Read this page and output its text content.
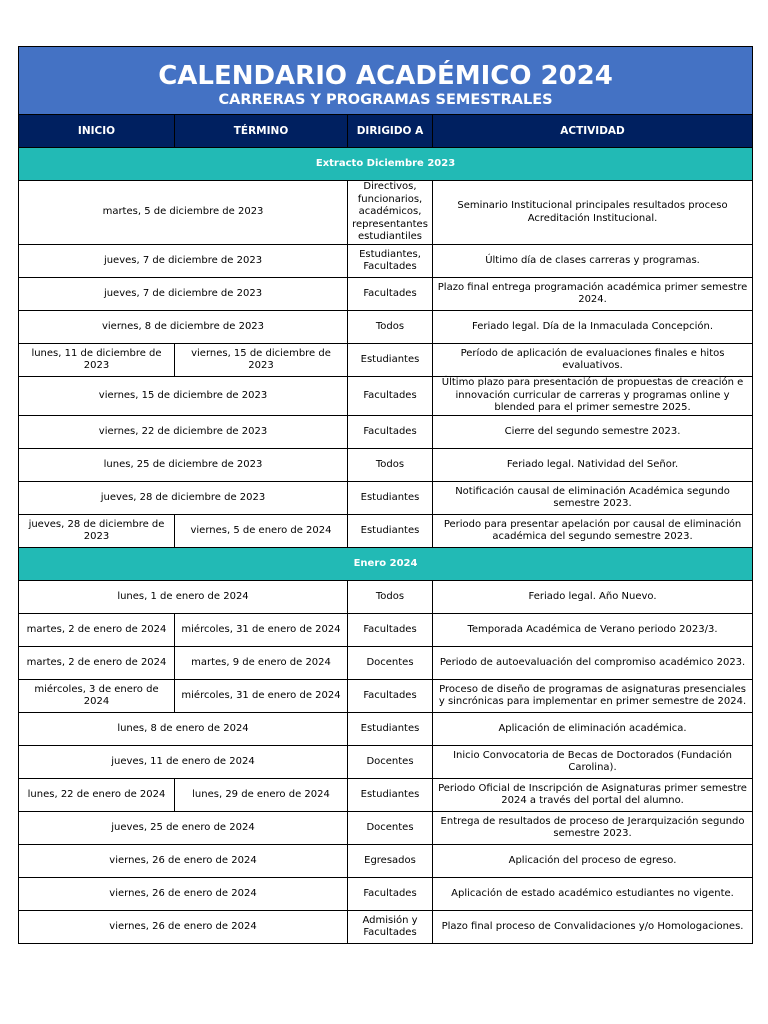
CALENDARIO ACADÉMICO 2024
CARRERAS Y PROGRAMAS SEMESTRALES			

INICIO	TÉRMINO	DIRIGIDO A	ACTIVIDAD
Extracto Diciembre 2023			
martes, 5 de diciembre de 2023		Directivos, funcionarios, académicos, representantes estudiantiles	Seminario Institucional principales resultados proceso Acreditación Institucional.
jueves, 7 de diciembre de 2023		Estudiantes, Facultades	Último día de clases carreras y programas.
jueves, 7 de diciembre de 2023		Facultades	Plazo final entrega programación académica primer semestre 2024.
viernes, 8 de diciembre de 2023		Todos	Feriado legal. Día de la Inmaculada Concepción.
lunes, 11 de diciembre de 2023	viernes, 15 de diciembre de 2023	Estudiantes	Período de aplicación de evaluaciones finales e hitos evaluativos.
viernes, 15 de diciembre de 2023		Facultades	Último plazo para presentación de propuestas de creación e innovación curricular de carreras y programas online y blended para el primer semestre 2025.
viernes, 22 de diciembre de 2023		Facultades	Cierre del segundo semestre 2023.
lunes, 25 de diciembre de 2023		Todos	Feriado legal. Natividad del Señor.
jueves, 28 de diciembre de 2023		Estudiantes	Notificación causal de eliminación Académica segundo semestre 2023.
jueves, 28 de diciembre de 2023	viernes, 5 de enero de 2024	Estudiantes	Periodo para presentar apelación por causal de eliminación académica del segundo semestre 2023.
Enero 2024			
lunes, 1 de enero de 2024		Todos	Feriado legal. Año Nuevo.
martes, 2 de enero de 2024	miércoles, 31 de enero de 2024	Facultades	Temporada Académica de Verano periodo 2023/3.
martes, 2 de enero de 2024	martes, 9 de enero de 2024	Docentes	Periodo de autoevaluación del compromiso académico 2023.
miércoles, 3 de enero de 2024	miércoles, 31 de enero de 2024	Facultades	Proceso de diseño de programas de asignaturas presenciales y sincrónicas para implementar en primer semestre de 2024.
lunes, 8 de enero de 2024		Estudiantes	Aplicación de eliminación académica.
jueves, 11 de enero de 2024		Docentes	Inicio Convocatoria de Becas de Doctorados (Fundación Carolina).
lunes, 22 de enero de 2024	lunes, 29 de enero de 2024	Estudiantes	Periodo Oficial de Inscripción de Asignaturas primer semestre 2024 a través del portal del alumno.
jueves, 25 de enero de 2024		Docentes	Entrega de resultados de proceso de Jerarquización segundo semestre 2023.
viernes, 26 de enero de 2024		Egresados	Aplicación del proceso de egreso.
viernes, 26 de enero de 2024		Facultades	Aplicación de estado académico estudiantes no vigente.
viernes, 26 de enero de 2024		Admisión y Facultades	Plazo final proceso de Convalidaciones y/o Homologaciones.
